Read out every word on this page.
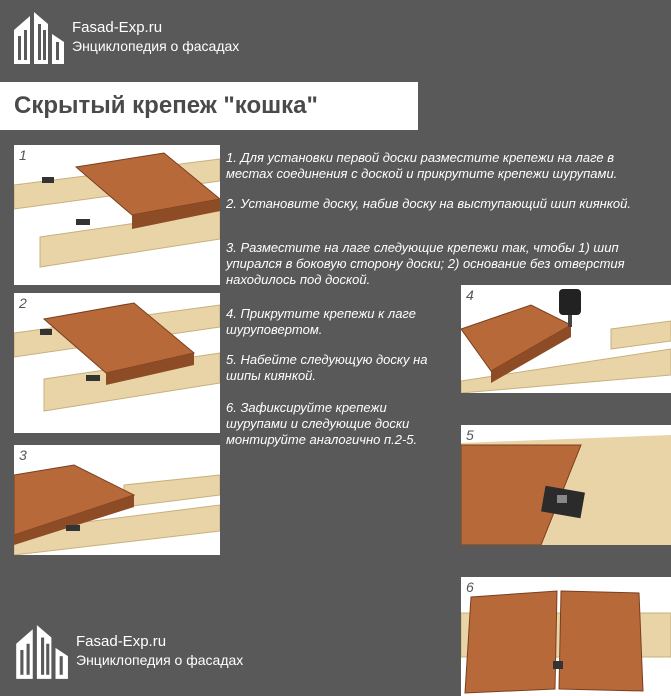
Fasad-Exp.ru
Энциклопедия о фасадах
Скрытый крепеж "кошка"
1
2
3

1. Для установки первой доски разместите крепежи на лаге в местах соединения с доской и прикрутите крепежи шурупами.

2. Установите доску, набив доску на выступающий шип киянкой.

3. Разместите на лаге следующие крепежи так, чтобы 1) шип упирался в боковую сторону доски; 2) основание без отверстия находилось под доской.

4. Прикрутите крепежи к лаге шуруповертом.

5. Набейте следующую доску на шипы киянкой.

6. Зафиксируйте крепежи шурупами и следующие доски монтируйте аналогично п.2-5.

4
5
6
Fasad-Exp.ru
Энциклопедия о фасадах
